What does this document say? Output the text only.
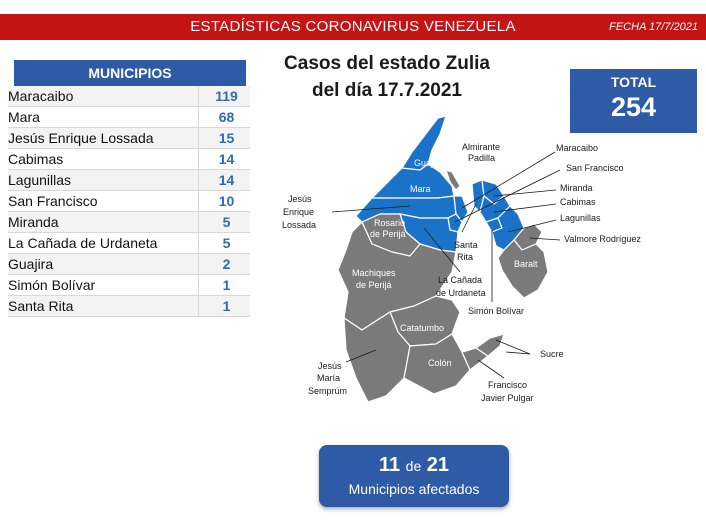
ESTADÍSTICAS CORONAVIRUS VENEZUELA	FECHA 17/7/2021
MUNICIPIOS
Maracaibo	119
Mara	68
Jesús Enrique Lossada	15
Cabimas	14
Lagunillas	14
San Francisco	10
Miranda	5
La Cañada de Urdaneta	5
Guajira	2
Simón Bolívar	1
Santa Rita	1
Casos del estado Zulia
del día 17.7.2021	TOTAL
254
Guajira
Mara
Rosario
de Perijá
Machiques
de Perijá
Catatumbo
Colón
Baralt
Almirante
Padilla
Jesús
Enrique
Lossada
Santa
Rita
La Cañada
de Urdaneta
Simón Bolívar
Maracaibo
San Francisco
Miranda
Cabimas
Lagunillas
Valmore Rodríguez
Sucre
Francisco
Javier Pulgar
Jesús
María
Semprúm
11 de 21
Municipios afectados
